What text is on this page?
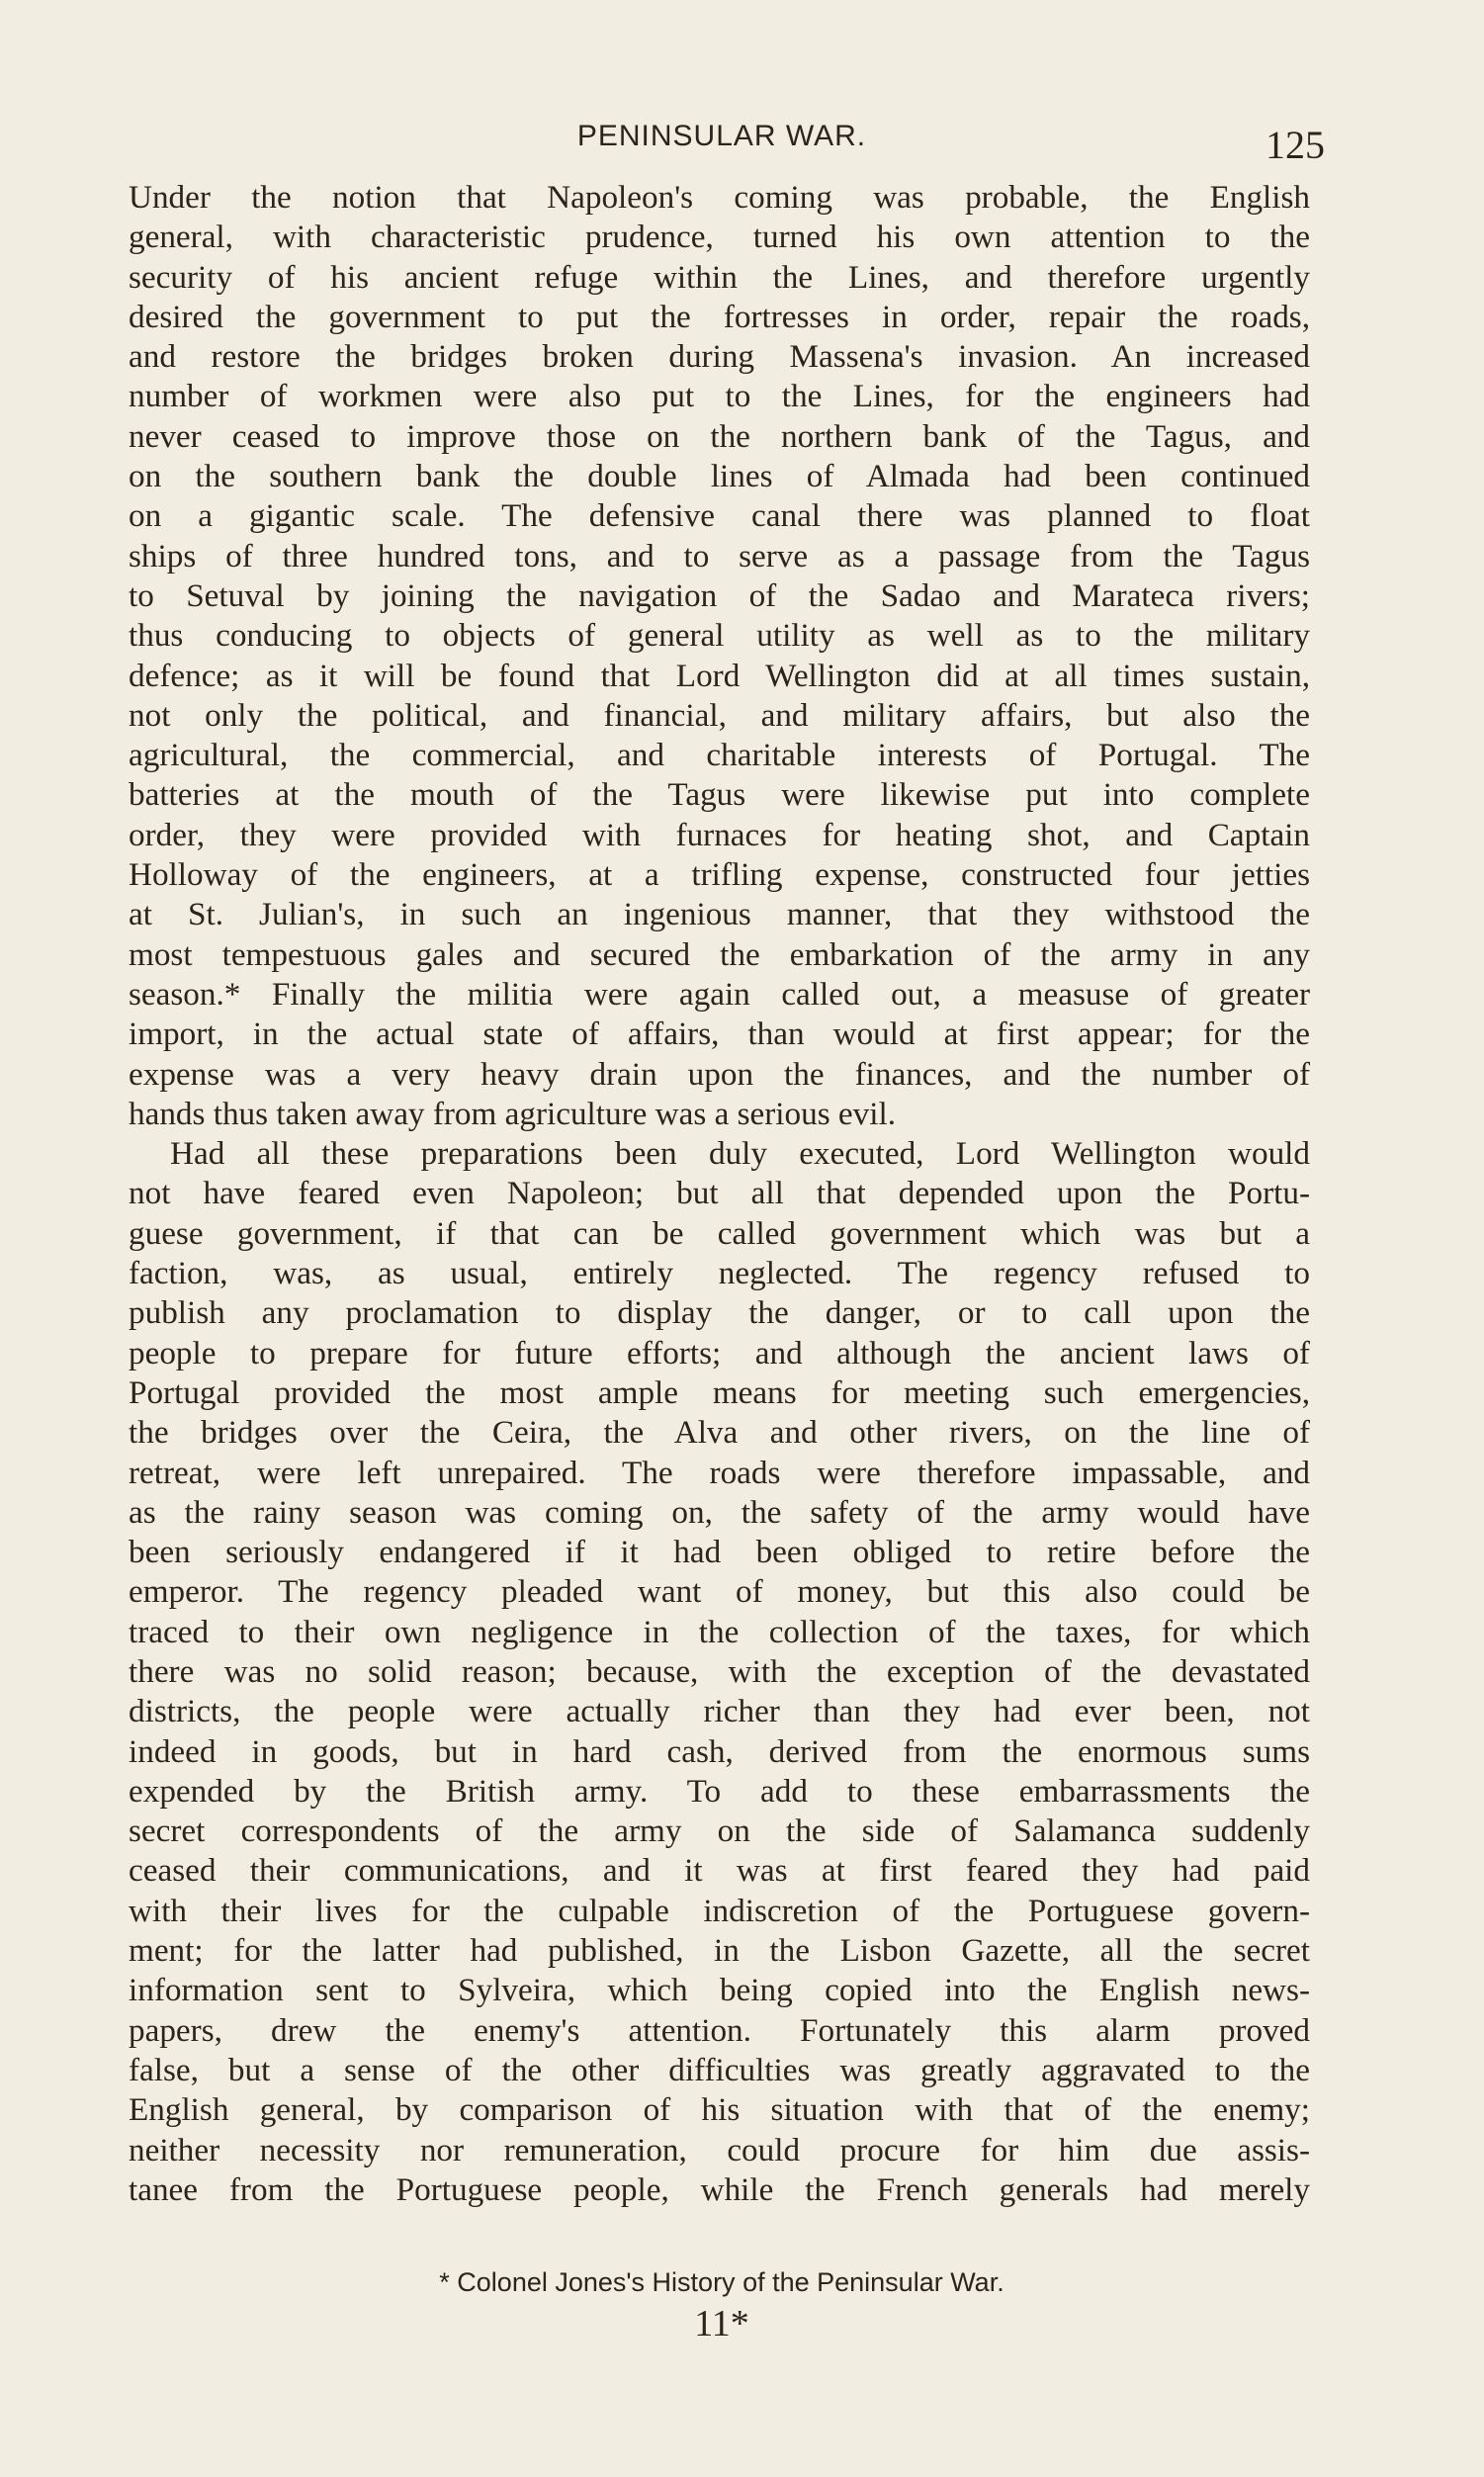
PENINSULAR WAR.	125
Under the notion that Napoleon's coming was probable, the English
general, with characteristic prudence, turned his own attention to the
security of his ancient refuge within the Lines, and therefore urgently
desired the government to put the fortresses in order, repair the roads,
and restore the bridges broken during Massena's invasion. An increased
number of workmen were also put to the Lines, for the engineers had
never ceased to improve those on the northern bank of the Tagus, and
on the southern bank the double lines of Almada had been continued
on a gigantic scale. The defensive canal there was planned to float
ships of three hundred tons, and to serve as a passage from the Tagus
to Setuval by joining the navigation of the Sadao and Marateca rivers;
thus conducing to objects of general utility as well as to the military
defence; as it will be found that Lord Wellington did at all times sustain,
not only the political, and financial, and military affairs, but also the
agricultural, the commercial, and charitable interests of Portugal. The
batteries at the mouth of the Tagus were likewise put into complete
order, they were provided with furnaces for heating shot, and Captain
Holloway of the engineers, at a trifling expense, constructed four jetties
at St. Julian's, in such an ingenious manner, that they withstood the
most tempestuous gales and secured the embarkation of the army in any
season.* Finally the militia were again called out, a measuse of greater
import, in the actual state of affairs, than would at first appear; for the
expense was a very heavy drain upon the finances, and the number of
hands thus taken away from agriculture was a serious evil.
Had all these preparations been duly executed, Lord Wellington would
not have feared even Napoleon; but all that depended upon the Portu-
guese government, if that can be called government which was but a
faction, was, as usual, entirely neglected. The regency refused to
publish any proclamation to display the danger, or to call upon the
people to prepare for future efforts; and although the ancient laws of
Portugal provided the most ample means for meeting such emergencies,
the bridges over the Ceira, the Alva and other rivers, on the line of
retreat, were left unrepaired. The roads were therefore impassable, and
as the rainy season was coming on, the safety of the army would have
been seriously endangered if it had been obliged to retire before the
emperor. The regency pleaded want of money, but this also could be
traced to their own negligence in the collection of the taxes, for which
there was no solid reason; because, with the exception of the devastated
districts, the people were actually richer than they had ever been, not
indeed in goods, but in hard cash, derived from the enormous sums
expended by the British army. To add to these embarrassments the
secret correspondents of the army on the side of Salamanca suddenly
ceased their communications, and it was at first feared they had paid
with their lives for the culpable indiscretion of the Portuguese govern-
ment; for the latter had published, in the Lisbon Gazette, all the secret
information sent to Sylveira, which being copied into the English news-
papers, drew the enemy's attention. Fortunately this alarm proved
false, but a sense of the other difficulties was greatly aggravated to the
English general, by comparison of his situation with that of the enemy;
neither necessity nor remuneration, could procure for him due assis-
tanee from the Portuguese people, while the French generals had merely
* Colonel Jones's History of the Peninsular War.
11*
